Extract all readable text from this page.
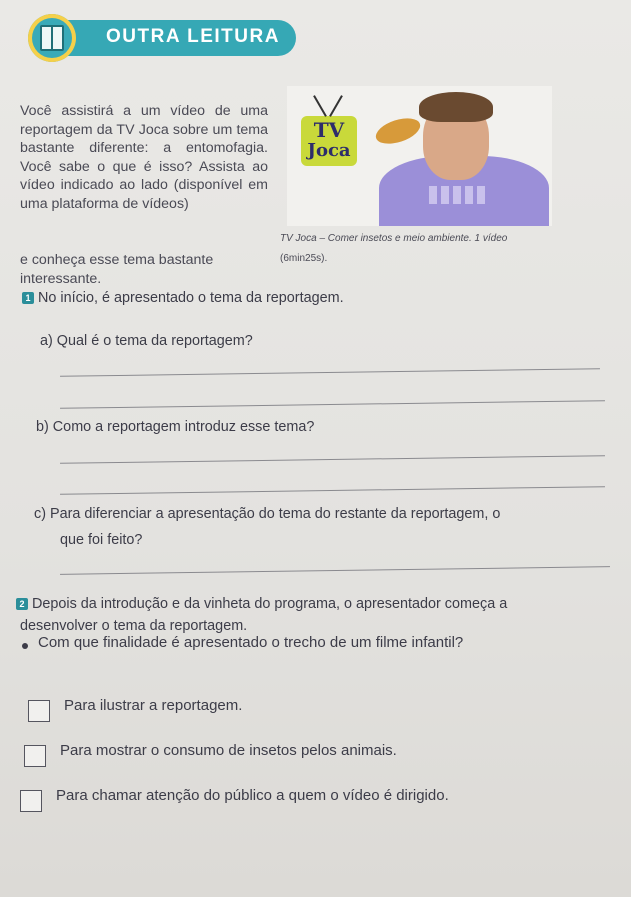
OUTRA LEITURA
Você assistirá a um vídeo de uma reportagem da TV Joca sobre um tema bastante diferente: a entomofagia. Você sabe o que é isso? Assista ao vídeo indicado ao lado (disponível em uma plataforma de vídeos)
e conheça esse tema bastante
interessante.
TV
Joca
TV Joca – Comer insetos e meio ambiente. 1 vídeo
(6min25s).
1 No início, é apresentado o tema da reportagem.
a) Qual é o tema da reportagem?
b) Como a reportagem introduz esse tema?
c) Para diferenciar a apresentação do tema do restante da reportagem, o
que foi feito?
2 Depois da introdução e da vinheta do programa, o apresentador começa a
desenvolver o tema da reportagem.
Com que finalidade é apresentado o trecho de um filme infantil?
Para ilustrar a reportagem.
Para mostrar o consumo de insetos pelos animais.
Para chamar atenção do público a quem o vídeo é dirigido.
